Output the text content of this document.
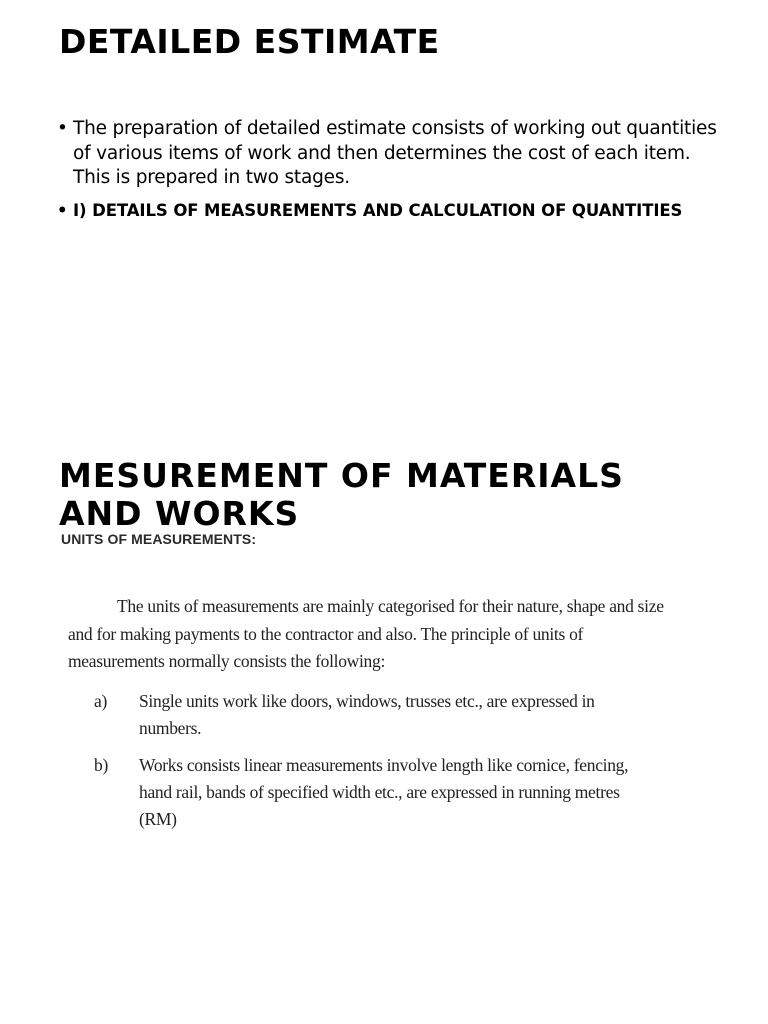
DETAILED ESTIMATE
• The preparation of detailed estimate consists of working out quantities of various items of work and then determines the cost of each item. This is prepared in two stages.
• I) DETAILS OF MEASUREMENTS AND CALCULATION OF QUANTITIES
MESUREMENT OF MATERIALS AND WORKS
UNITS OF MEASUREMENTS:

The units of measurements are mainly categorised for their nature, shape and size and for making payments to the contractor and also. The principle of units of measurements normally consists the following:

a) Single units work like doors, windows, trusses etc., are expressed in numbers.
b) Works consists linear measurements involve length like cornice, fencing, hand rail, bands of specified width etc., are expressed in running metres (RM)
